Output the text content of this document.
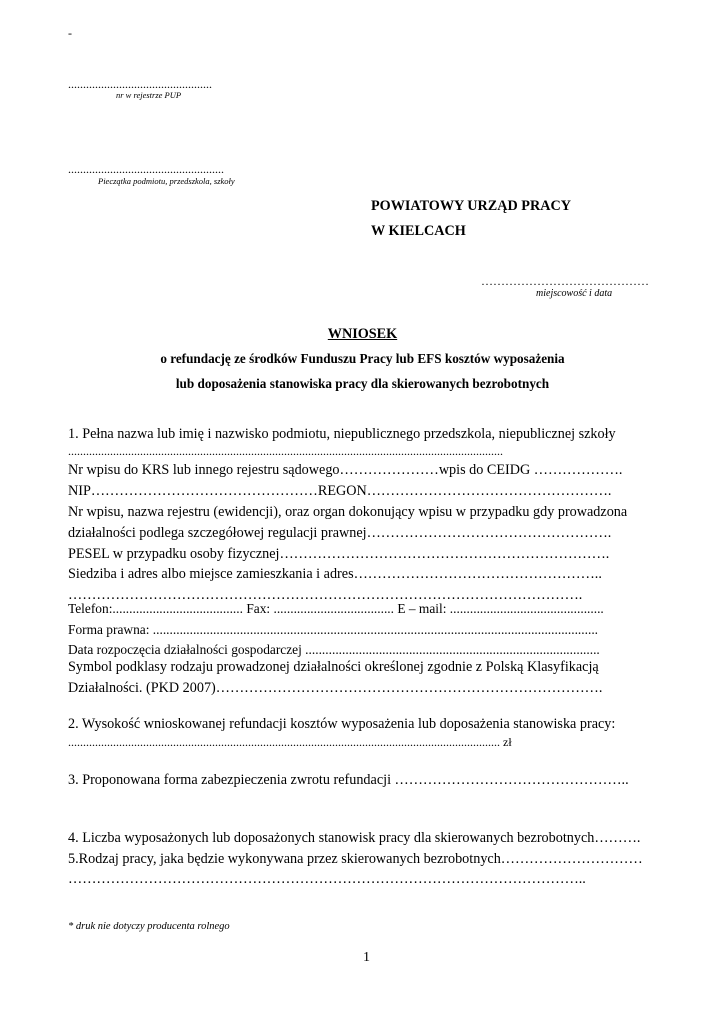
-
................................................
nr w rejestrze PUP
....................................................
Pieczątka podmiotu, przedszkola, szkoły
POWIATOWY URZĄD PRACY
W KIELCACH
……………………………………
miejscowość i data
WNIOSEK
o refundację ze środków Funduszu Pracy lub EFS kosztów wyposażenia
lub doposażenia stanowiska pracy dla skierowanych bezrobotnych
1. Pełna nazwa lub imię i nazwisko podmiotu, niepublicznego przedszkola, niepublicznej szkoły
.................................................................................................................................................
Nr wpisu do KRS lub innego rejestru sądowego…………………wpis do CEIDG ……………….
NIP…………………………………………REGON…………………………………………….
Nr wpisu, nazwa rejestru (ewidencji), oraz organ dokonujący wpisu w przypadku gdy prowadzona
działalności podlega szczegółowej regulacji prawnej…………………………………………….
PESEL w przypadku osoby fizycznej…………………………………………………………….
Siedziba i adres albo miejsce zamieszkania i adres……………………………………………..
……………………………………………………………………………………………….
Telefon:....................................... Fax: .................................... E – mail: ..............................................
Forma prawna: .....................................................................................................................................
Data rozpoczęcia działalności gospodarczej ........................................................................................
Symbol podklasy rodzaju prowadzonej działalności określonej zgodnie z Polską Klasyfikacją
Działalności. (PKD 2007)……………………………………………………………………….
2. Wysokość wnioskowanej refundacji kosztów wyposażenia lub doposażenia stanowiska pracy:
................................................................................................................................................ zł
3. Proponowana forma zabezpieczenia zwrotu refundacji …………………………………………..
4. Liczba wyposażonych lub doposażonych stanowisk pracy dla skierowanych bezrobotnych……….
5.Rodzaj pracy, jaka będzie wykonywana przez skierowanych bezrobotnych…………………………
………………………………………………………………………………………………..
* druk nie dotyczy producenta rolnego
1
